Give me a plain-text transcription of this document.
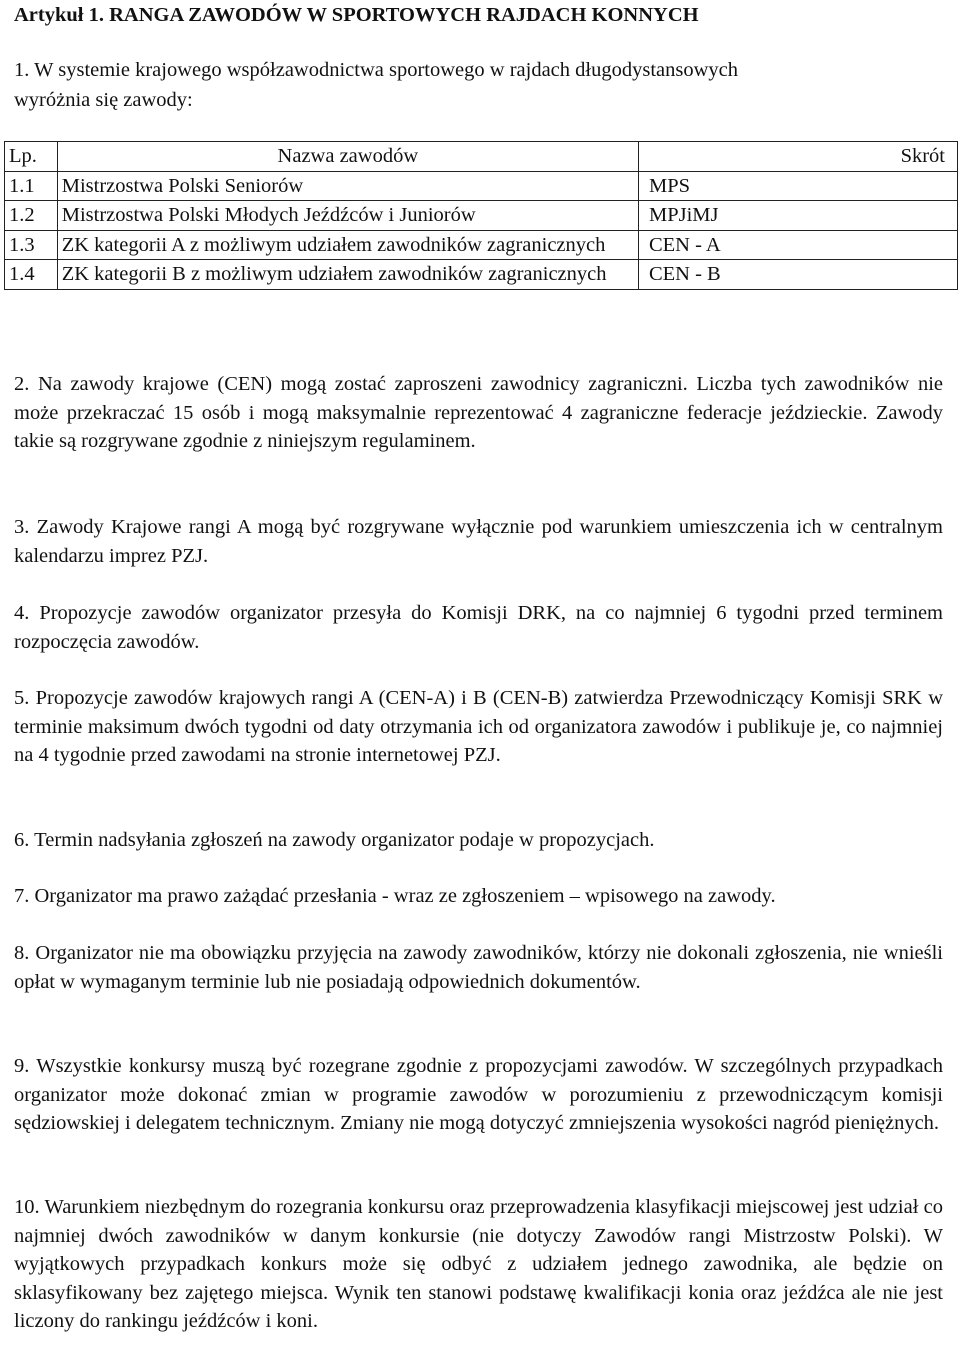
Artykuł 1. RANGA ZAWODÓW W SPORTOWYCH RAJDACH KONNYCH
1. W systemie krajowego współzawodnictwa sportowego w rajdach długodystansowych
wyróżnia się zawody:
Lp.	Nazwa zawodów	Skrót
1.1	Mistrzostwa Polski Seniorów	MPS
1.2	Mistrzostwa Polski Młodych Jeźdźców i Juniorów	MPJiMJ
1.3	ZK kategorii A z możliwym udziałem zawodników zagranicznych	CEN - A
1.4	ZK kategorii B z możliwym udziałem zawodników zagranicznych	CEN - B

2. Na zawody krajowe (CEN) mogą zostać zaproszeni zawodnicy zagraniczni. Liczba tych zawodników nie może przekraczać 15 osób i mogą maksymalnie reprezentować 4 zagraniczne federacje jeździeckie. Zawody takie są rozgrywane zgodnie z niniejszym regulaminem.

3. Zawody Krajowe rangi A mogą być rozgrywane wyłącznie pod warunkiem umieszczenia ich w centralnym kalendarzu imprez PZJ.

4. Propozycje zawodów organizator przesyła do Komisji DRK, na co najmniej 6 tygodni przed terminem rozpoczęcia zawodów.

5. Propozycje zawodów krajowych rangi A (CEN-A) i B (CEN-B) zatwierdza Przewodniczący Komisji SRK w terminie maksimum dwóch tygodni od daty otrzymania ich od organizatora zawodów i publikuje je, co najmniej na 4 tygodnie przed zawodami na stronie internetowej PZJ.

6. Termin nadsyłania zgłoszeń na zawody organizator podaje w propozycjach.

7. Organizator ma prawo zażądać przesłania - wraz ze zgłoszeniem – wpisowego na zawody.

8. Organizator nie ma obowiązku przyjęcia na zawody zawodników, którzy nie dokonali zgłoszenia, nie wnieśli opłat w wymaganym terminie lub nie posiadają odpowiednich dokumentów.

9. Wszystkie konkursy muszą być rozegrane zgodnie z propozycjami zawodów. W szczególnych przypadkach organizator może dokonać zmian w programie zawodów w porozumieniu z przewodniczącym komisji sędziowskiej i delegatem technicznym. Zmiany nie mogą dotyczyć zmniejszenia wysokości nagród pieniężnych.

10. Warunkiem niezbędnym do rozegrania konkursu oraz przeprowadzenia klasyfikacji miejscowej jest udział co najmniej dwóch zawodników w danym konkursie (nie dotyczy Zawodów rangi Mistrzostw Polski). W wyjątkowych przypadkach konkurs może się odbyć z udziałem jednego zawodnika, ale będzie on sklasyfikowany bez zajętego miejsca. Wynik ten stanowi podstawę kwalifikacji konia oraz jeźdźca ale nie jest liczony do rankingu jeźdźców i koni.
